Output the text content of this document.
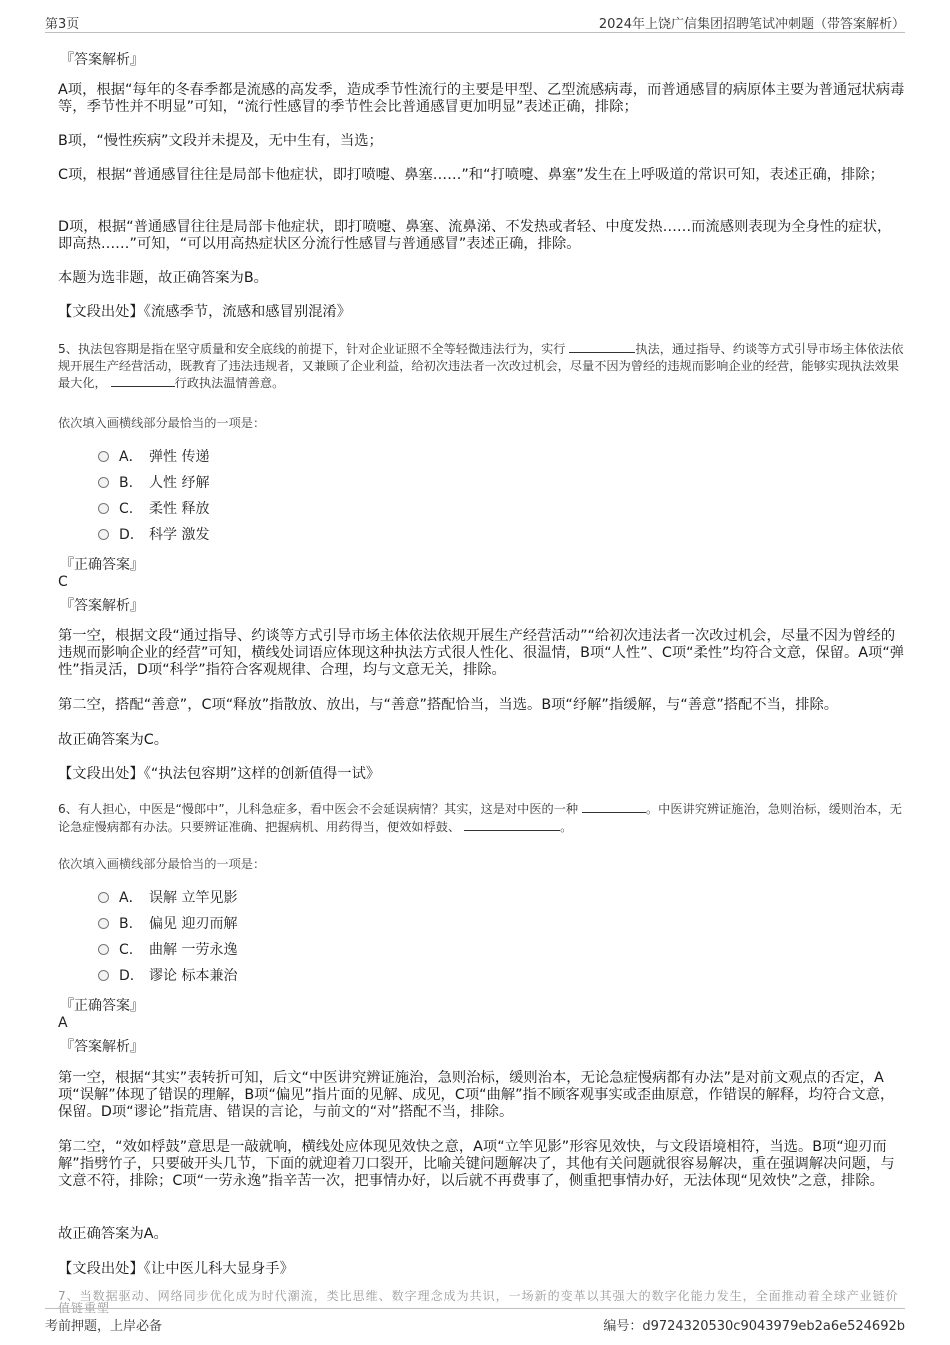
第3页	2024年上饶广信集团招聘笔试冲刺题（带答案解析）
『答案解析』
A项，根据“每年的冬春季都是流感的高发季，造成季节性流行的主要是甲型、乙型流感病毒，而普通感冒的病原体主要为普通冠状病毒等，季节性并不明显”可知，“流行性感冒的季节性会比普通感冒更加明显”表述正确，排除；
B项，“慢性疾病”文段并未提及，无中生有，当选；
C项，根据“普通感冒往往是局部卡他症状，即打喷嚏、鼻塞……”和“打喷嚏、鼻塞”发生在上呼吸道的常识可知，表述正确，排除；
D项，根据“普通感冒往往是局部卡他症状，即打喷嚏、鼻塞、流鼻涕、不发热或者轻、中度发热……而流感则表现为全身性的症状，即高热……”可知，“可以用高热症状区分流行性感冒与普通感冒”表述正确，排除。
本题为选非题，故正确答案为B。
【文段出处】《流感季节，流感和感冒别混淆》
5、执法包容期是指在坚守质量和安全底线的前提下，针对企业证照不全等轻微违法行为，实行	执法，通过指导、约谈等方式引导市场主体依法依规开展生产经营活动，既教育了违法违规者，又兼顾了企业利益，给初次违法者一次改过机会，尽量不因为曾经的违规而影响企业的经营，能够实现执法效果最大化，	行政执法温情善意。
依次填入画横线部分最恰当的一项是：
A． 弹性 传递
B. 人性 纾解
C. 柔性 释放
D. 科学 激发
『正确答案』
C
『答案解析』
第一空，根据文段“通过指导、约谈等方式引导市场主体依法依规开展生产经营活动”“给初次违法者一次改过机会，尽量不因为曾经的违规而影响企业的经营”可知，横线处词语应体现这种执法方式很人性化、很温情，B项“人性”、C项“柔性”均符合文意，保留。A项“弹性”指灵活，D项“科学”指符合客观规律、合理，均与文意无关，排除。
第二空，搭配“善意”，C项“释放”指散放、放出，与“善意”搭配恰当，当选。B项“纾解”指缓解，与“善意”搭配不当，排除。
故正确答案为C。
【文段出处】《“执法包容期”这样的创新值得一试》
6、有人担心，中医是“慢郎中”，儿科急症多，看中医会不会延误病情？其实，这是对中医的一种	。中医讲究辨证施治，急则治标，缓则治本，无论急症慢病都有办法。只要辨证准确、把握病机、用药得当，便效如桴鼓、	。
依次填入画横线部分最恰当的一项是：
A． 误解 立竿见影
B. 偏见 迎刃而解
C. 曲解 一劳永逸
D. 谬论 标本兼治
『正确答案』
A
『答案解析』
第一空，根据“其实”表转折可知，后文“中医讲究辨证施治，急则治标，缓则治本，无论急症慢病都有办法”是对前文观点的否定，A项“误解”体现了错误的理解，B项“偏见”指片面的见解、成见，C项“曲解”指不顾客观事实或歪曲原意，作错误的解释，均符合文意，保留。D项“谬论”指荒唐、错误的言论，与前文的“对”搭配不当，排除。
第二空，“效如桴鼓”意思是一敲就响，横线处应体现见效快之意，A项“立竿见影”形容见效快，与文段语境相符，当选。B项“迎刃而解”指劈竹子，只要破开头几节，下面的就迎着刀口裂开，比喻关键问题解决了，其他有关问题就很容易解决，重在强调解决问题，与文意不符，排除；C项“一劳永逸”指辛苦一次，把事情办好，以后就不再费事了，侧重把事情办好，无法体现“见效快”之意，排除。
故正确答案为A。
【文段出处】《让中医儿科大显身手》
7、当数据驱动、网络同步优化成为时代潮流，类比思维、数字理念成为共识，一场新的变革以其强大的数字化能力发生，全面推动着全球产业链价值链重塑
考前押题，上岸必备	编号：d9724320530c9043979eb2a6e524692b
